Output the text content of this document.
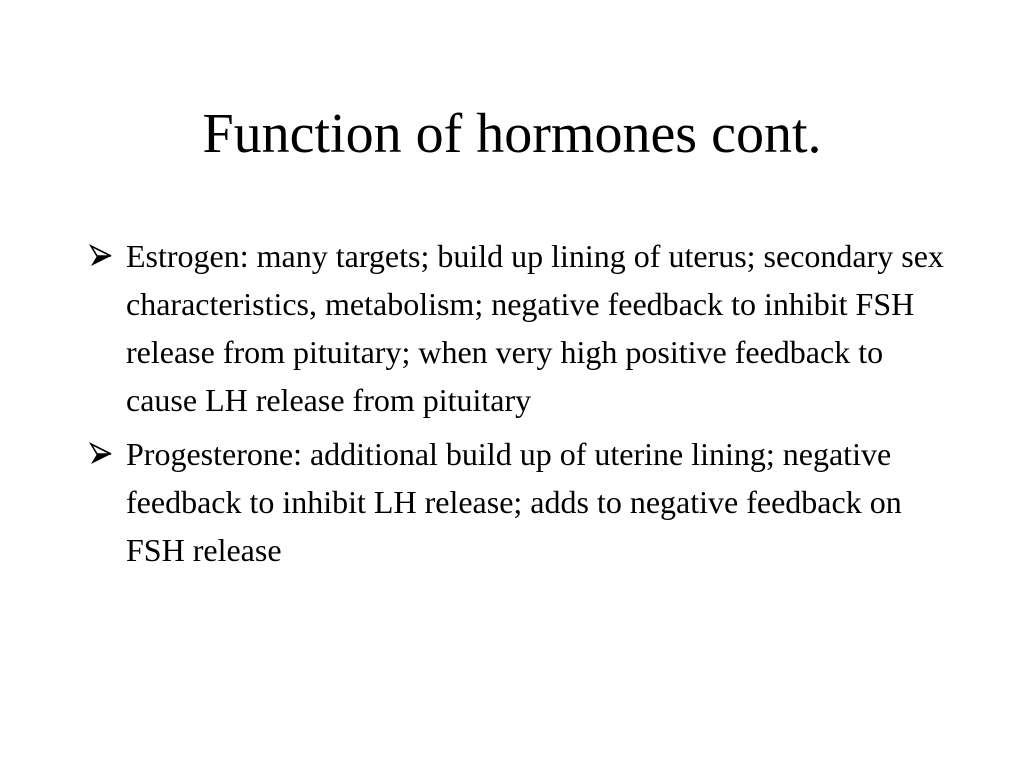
Function of hormones cont.
Estrogen: many targets; build up lining of uterus; secondary sex characteristics, metabolism; negative feedback to inhibit FSH release from pituitary; when very high positive feedback to cause LH release from pituitary
Progesterone: additional build up of uterine lining; negative feedback to inhibit LH release; adds to negative feedback on FSH release
